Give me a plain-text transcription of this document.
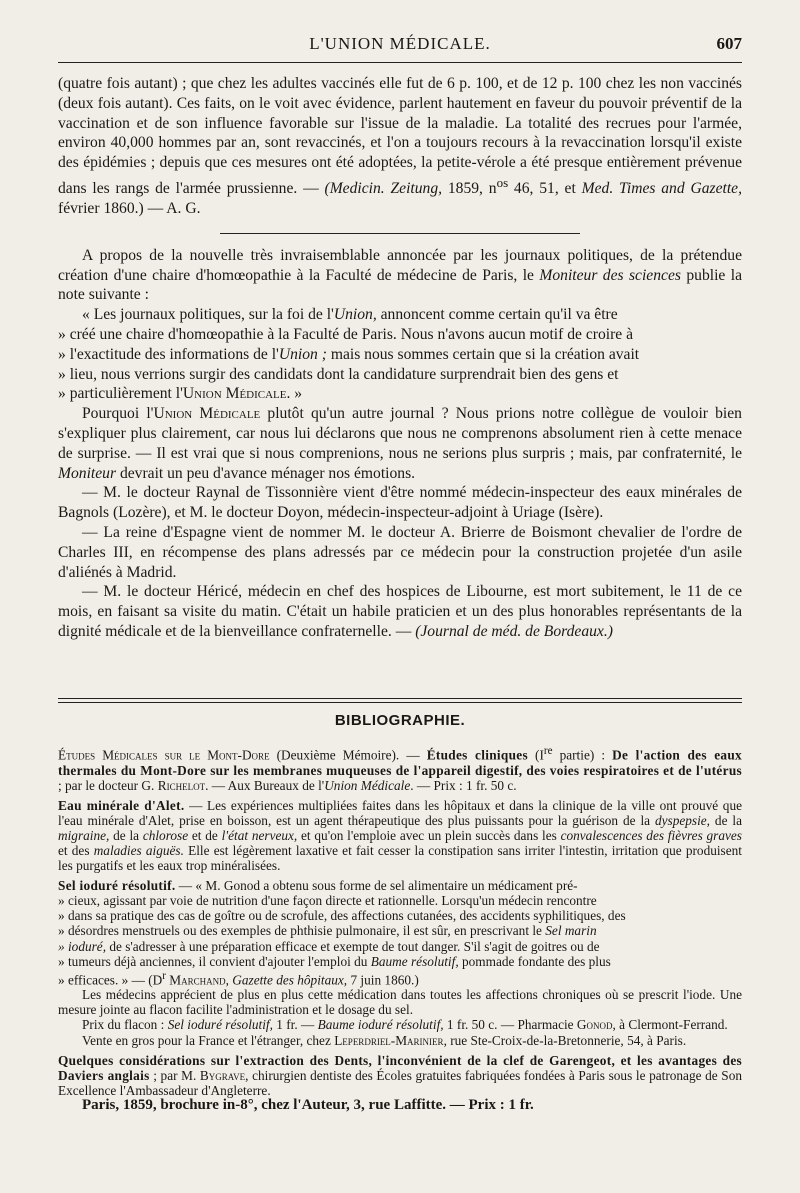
L'UNION MÉDICALE.	607

(quatre fois autant) ; que chez les adultes vaccinés elle fut de 6 p. 100, et de 12 p. 100 chez les non vaccinés (deux fois autant). Ces faits, on le voit avec évidence, parlent hautement en faveur du pouvoir préventif de la vaccination et de son influence favorable sur l'issue de la maladie. La totalité des recrues pour l'armée, environ 40,000 hommes par an, sont revaccinés, et l'on a toujours recours à la revaccination lorsqu'il existe des épidémies ; depuis que ces mesures ont été adoptées, la petite-vérole a été presque entièrement prévenue dans les rangs de l'armée prussienne. — (Medicin. Zeitung, 1859, $n^{os}$ 46, 51, et Med. Times and Gazette, février 1860.) — A. G.

A propos de la nouvelle très invraisemblable annoncée par les journaux politiques, de la prétendue création d'une chaire d'homœopathie à la Faculté de médecine de Paris, le Moniteur des sciences publie la note suivante :

« Les journaux politiques, sur la foi de l'Union, annoncent comme certain qu'il va être

» créé une chaire d'homœopathie à la Faculté de Paris. Nous n'avons aucun motif de croire à

» l'exactitude des informations de l'Union ; mais nous sommes certain que si la création avait

» lieu, nous verrions surgir des candidats dont la candidature surprendrait bien des gens et

» particulièrement l'Union Médicale. »

Pourquoi l'Union Médicale plutôt qu'un autre journal ? Nous prions notre collègue de vouloir bien s'expliquer plus clairement, car nous lui déclarons que nous ne comprenons absolument rien à cette menace de surprise. — Il est vrai que si nous comprenions, nous ne serions plus surpris ; mais, par confraternité, le Moniteur devrait un peu d'avance ménager nos émotions.

— M. le docteur Raynal de Tissonnière vient d'être nommé médecin-inspecteur des eaux minérales de Bagnols (Lozère), et M. le docteur Doyon, médecin-inspecteur-adjoint à Uriage (Isère).

— La reine d'Espagne vient de nommer M. le docteur A. Brierre de Boismont chevalier de l'ordre de Charles III, en récompense des plans adressés par ce médecin pour la construction projetée d'un asile d'aliénés à Madrid.

— M. le docteur Héricé, médecin en chef des hospices de Libourne, est mort subitement, le 11 de ce mois, en faisant sa visite du matin. C'était un habile praticien et un des plus honorables représentants de la dignité médicale et de la bienveillance confraternelle. — (Journal de méd. de Bordeaux.)

BIBLIOGRAPHIE.

Études Médicales sur le Mont-Dore (Deuxième Mémoire). — Études cliniques (Ire partie) : De l'action des eaux thermales du Mont-Dore sur les membranes muqueuses de l'appareil digestif, des voies respiratoires et de l'utérus ; par le docteur G. Richelot. — Aux Bureaux de l'Union Médicale. — Prix : 1 fr. 50 c.

Eau minérale d'Alet. — Les expériences multipliées faites dans les hôpitaux et dans la clinique de la ville ont prouvé que l'eau minérale d'Alet, prise en boisson, est un agent thérapeutique des plus puissants pour la guérison de la dyspepsie, de la migraine, de la chlorose et de l'état nerveux, et qu'on l'emploie avec un plein succès dans les convalescences des fièvres graves et des maladies aiguës. Elle est légèrement laxative et fait cesser la constipation sans irriter l'intestin, irritation que produisent les purgatifs et les eaux trop minéralisées.

Sel ioduré résolutif. — « M. Gonod a obtenu sous forme de sel alimentaire un médicament pré-
» cieux, agissant par voie de nutrition d'une façon directe et rationnelle. Lorsqu'un médecin rencontre
» dans sa pratique des cas de goître ou de scrofule, des affections cutanées, des accidents syphilitiques, des
» désordres menstruels ou des exemples de phthisie pulmonaire, il est sûr, en prescrivant le Sel marin
» ioduré, de s'adresser à une préparation efficace et exempte de tout danger. S'il s'agit de goitres ou de
» tumeurs déjà anciennes, il convient d'ajouter l'emploi du Baume résolutif, pommade fondante des plus
» efficaces. » — ($D^r$ Marchand, Gazette des hôpitaux, 7 juin 1860.)

Les médecins apprécient de plus en plus cette médication dans toutes les affections chroniques où se prescrit l'iode. Une mesure jointe au flacon facilite l'administration et le dosage du sel.

Prix du flacon : Sel ioduré résolutif, 1 fr. — Baume ioduré résolutif, 1 fr. 50 c. — Pharmacie Gonod, à Clermont-Ferrand.

Vente en gros pour la France et l'étranger, chez Leperdriel-Marinier, rue Ste-Croix-de-la-Bretonnerie, 54, à Paris.

Quelques considérations sur l'extraction des Dents, l'inconvénient de la clef de Garengeot, et les avantages des Daviers anglais ; par M. Bygrave, chirurgien dentiste des Écoles gratuites fabriquées fondées à Paris sous le patronage de Son Excellence l'Ambassadeur d'Angleterre.

Paris, 1859, brochure in-8°, chez l'Auteur, 3, rue Laffitte. — Prix : 1 fr.
